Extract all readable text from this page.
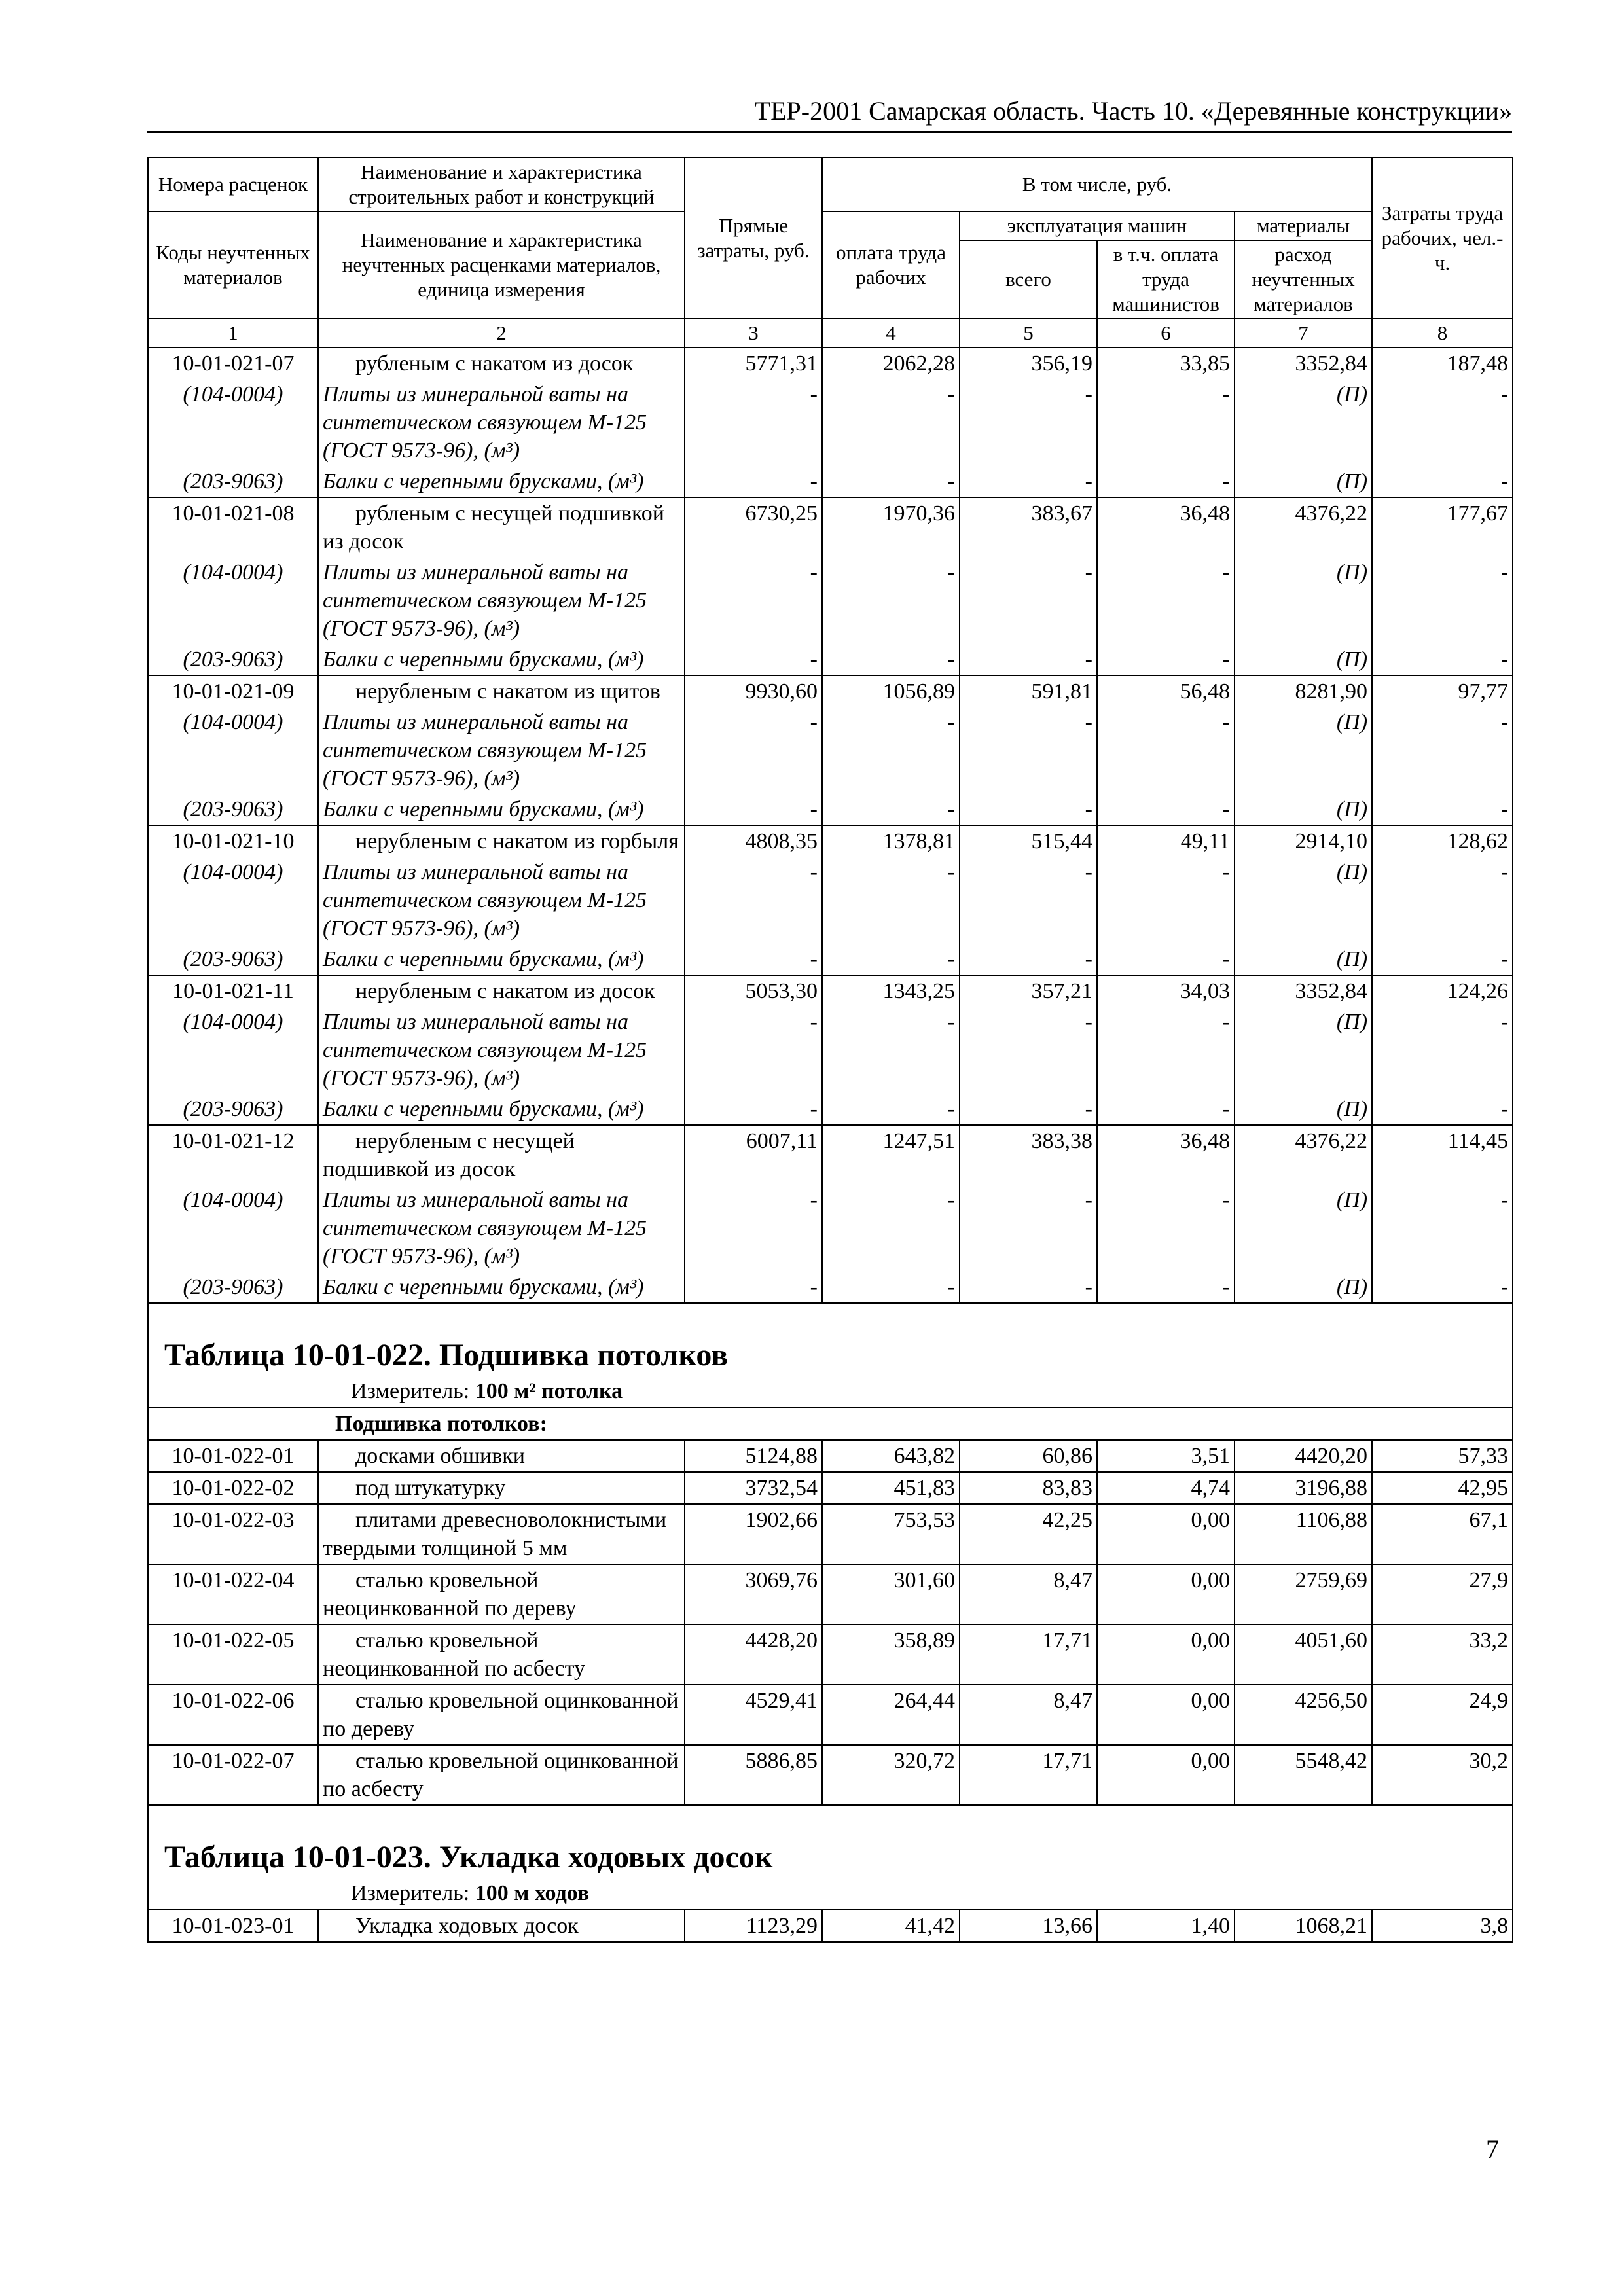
ТЕР-2001 Самарская область. Часть 10. «Деревянные конструкции»
Номера расценок	Наименование и характеристика строительных работ и конструкций	Прямые затраты, руб.	В том числе, руб.				Затраты труда рабочих, чел.-ч.
Коды неучтенных материалов	Наименование и характеристика неучтенных расценками материалов, единица измерения		оплата труда рабочих	эксплуатация машин		материалы	
				всего	в т.ч. оплата труда машинистов	расход неучтенных материалов	
1	2	3	4	5	6	7	8
10-01-021-07	рубленым с накатом из досок	5771,31	2062,28	356,19	33,85	3352,84	187,48
(104-0004)	Плиты из минеральной ваты на синтетическом связующем М-125 (ГОСТ 9573-96), (м³)	-	-	-	-	(П)	-
(203-9063)	Балки с черепными брусками, (м³)	-	-	-	-	(П)	-
10-01-021-08	рубленым с несущей подшивкой из досок	6730,25	1970,36	383,67	36,48	4376,22	177,67
(104-0004)	Плиты из минеральной ваты на синтетическом связующем М-125 (ГОСТ 9573-96), (м³)	-	-	-	-	(П)	-
(203-9063)	Балки с черепными брусками, (м³)	-	-	-	-	(П)	-
10-01-021-09	нерубленым с накатом из щитов	9930,60	1056,89	591,81	56,48	8281,90	97,77
(104-0004)	Плиты из минеральной ваты на синтетическом связующем М-125 (ГОСТ 9573-96), (м³)	-	-	-	-	(П)	-
(203-9063)	Балки с черепными брусками, (м³)	-	-	-	-	(П)	-
10-01-021-10	нерубленым с накатом из горбыля	4808,35	1378,81	515,44	49,11	2914,10	128,62
(104-0004)	Плиты из минеральной ваты на синтетическом связующем М-125 (ГОСТ 9573-96), (м³)	-	-	-	-	(П)	-
(203-9063)	Балки с черепными брусками, (м³)	-	-	-	-	(П)	-
10-01-021-11	нерубленым с накатом из досок	5053,30	1343,25	357,21	34,03	3352,84	124,26
(104-0004)	Плиты из минеральной ваты на синтетическом связующем М-125 (ГОСТ 9573-96), (м³)	-	-	-	-	(П)	-
(203-9063)	Балки с черепными брусками, (м³)	-	-	-	-	(П)	-
10-01-021-12	нерубленым с несущей подшивкой из досок	6007,11	1247,51	383,38	36,48	4376,22	114,45
(104-0004)	Плиты из минеральной ваты на синтетическом связующем М-125 (ГОСТ 9573-96), (м³)	-	-	-	-	(П)	-
(203-9063)	Балки с черепными брусками, (м³)	-	-	-	-	(П)	-

Таблица 10-01-022. Подшивка потолков
Измеритель: 100 м² потолка							

Подшивка потолков:							
10-01-022-01	досками обшивки	5124,88	643,82	60,86	3,51	4420,20	57,33
10-01-022-02	под штукатурку	3732,54	451,83	83,83	4,74	3196,88	42,95
10-01-022-03	плитами древесноволокнистыми твердыми толщиной 5 мм	1902,66	753,53	42,25	0,00	1106,88	67,1
10-01-022-04	сталью кровельной неоцинкованной по дереву	3069,76	301,60	8,47	0,00	2759,69	27,9
10-01-022-05	сталью кровельной неоцинкованной по асбесту	4428,20	358,89	17,71	0,00	4051,60	33,2
10-01-022-06	сталью кровельной оцинкованной по дереву	4529,41	264,44	8,47	0,00	4256,50	24,9
10-01-022-07	сталью кровельной оцинкованной по асбесту	5886,85	320,72	17,71	0,00	5548,42	30,2

Таблица 10-01-023. Укладка ходовых досок
Измеритель: 100 м ходов							

10-01-023-01	Укладка ходовых досок	1123,29	41,42	13,66	1,40	1068,21	3,8
7
